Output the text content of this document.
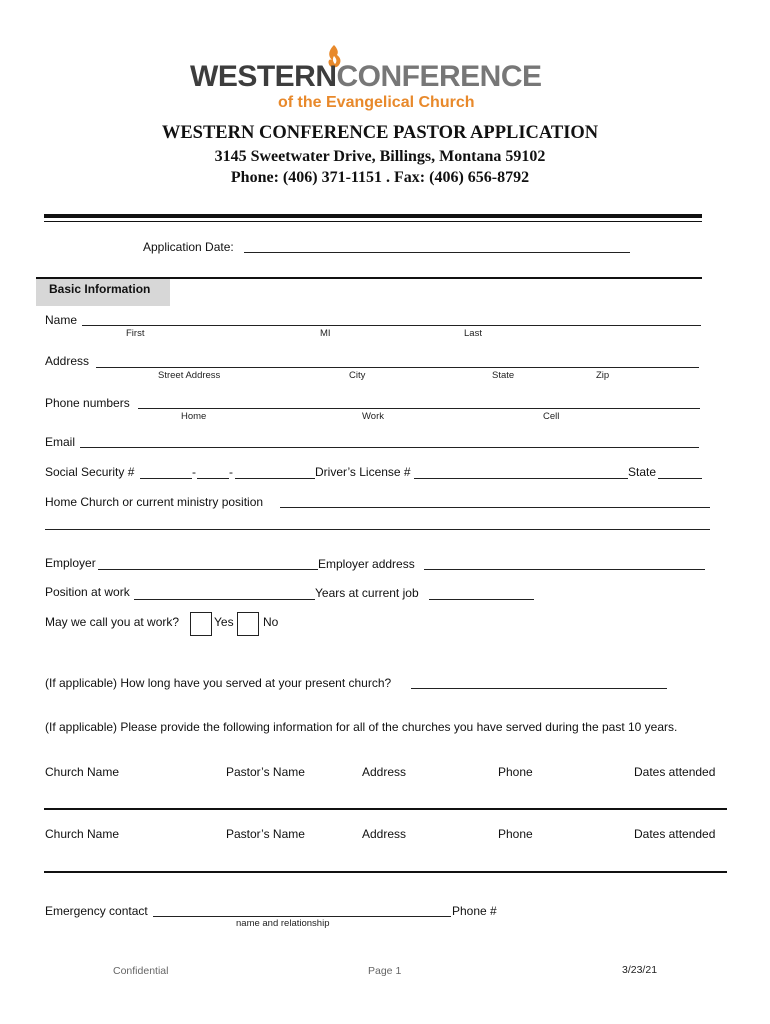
WESTERNCONFERENCE
of the Evangelical Church
WESTERN CONFERENCE PASTOR APPLICATION
3145 Sweetwater Drive, Billings, Montana 59102
Phone: (406) 371-1151 . Fax: (406) 656-8792
Application Date:
Basic Information
Name
First	MI	Last
Address
Street Address	City	State	Zip
Phone numbers
Home	Work	Cell
Email
Social Security #	-	-	Driver’s License #	State
Home Church or current ministry position
Employer	Employer address
Position at work	Years at current job
May we call you at work?	Yes No
(If applicable) How long have you served at your present church?
(If applicable) Please provide the following information for all of the churches you have served during the past 10 years.
Church Name	Pastor’s Name	Address	Phone	Dates attended
Church Name	Pastor’s Name	Address	Phone	Dates attended
Emergency contact	Phone #
name and relationship
Confidential	Page 1	3/23/21
